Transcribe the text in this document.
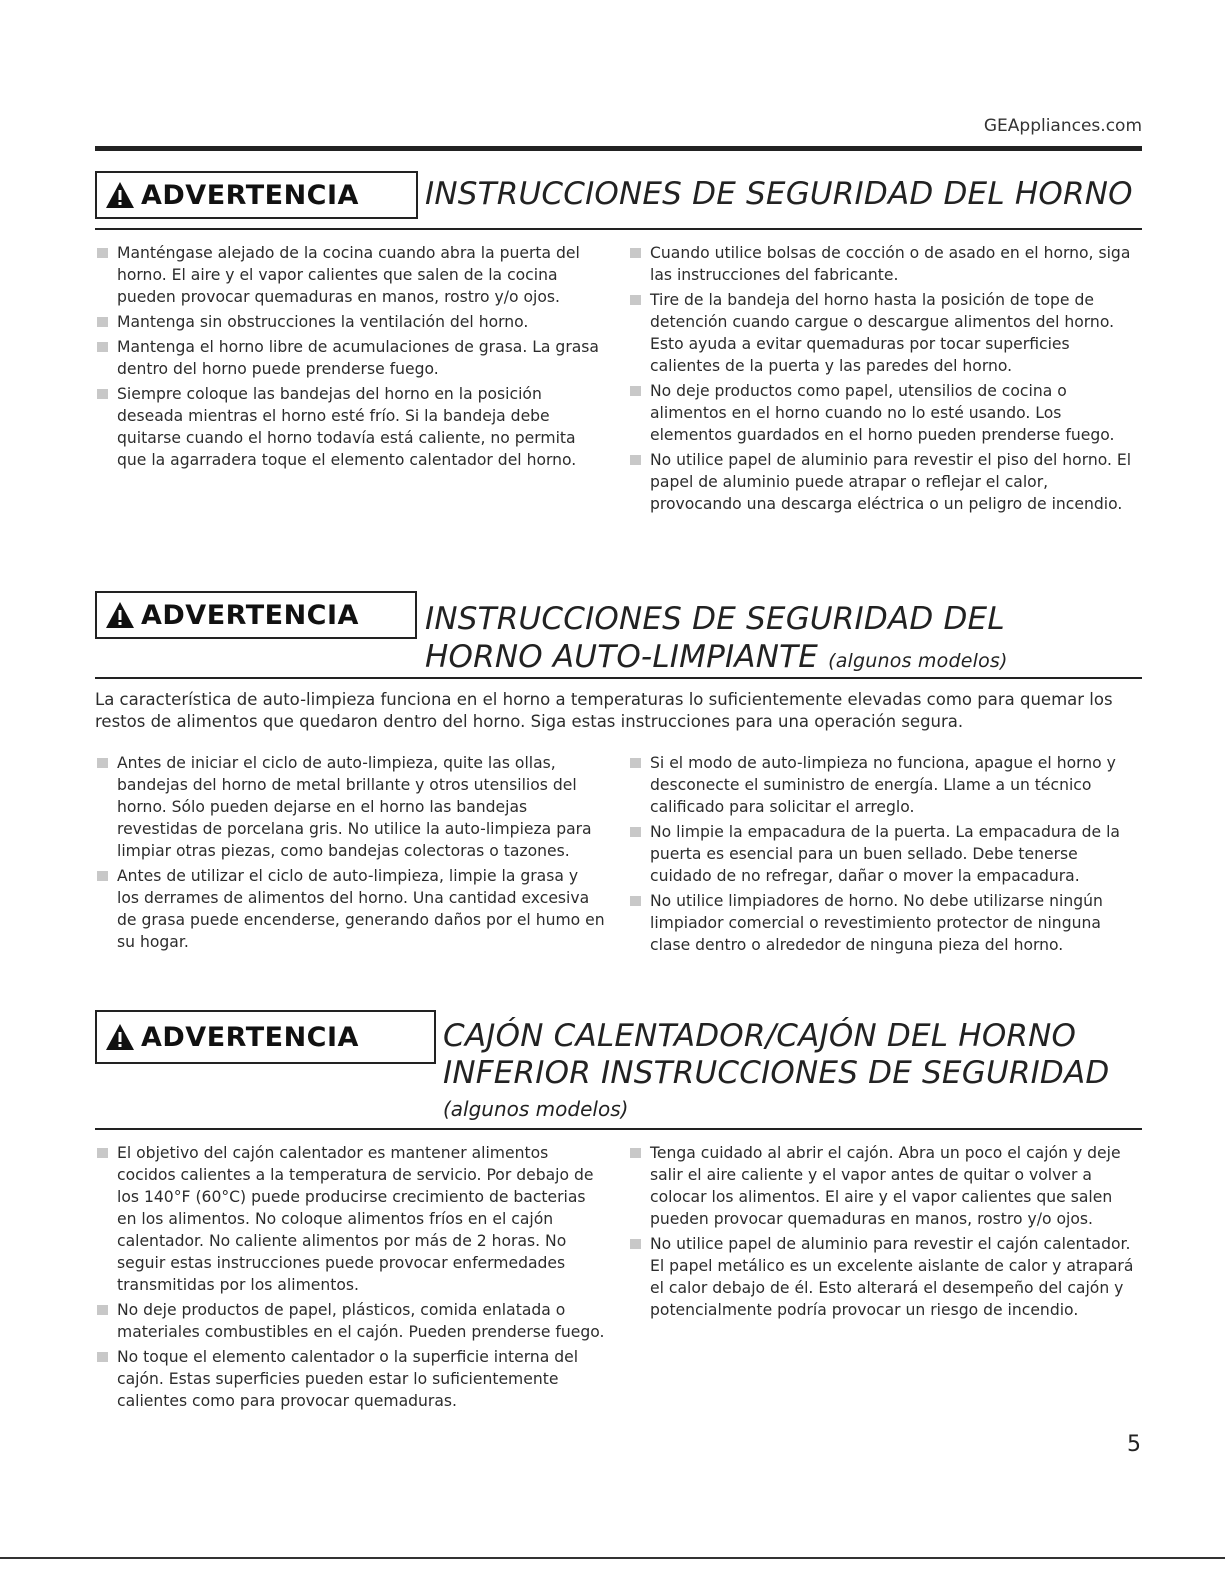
GEAppliances.com
ADVERTENCIA INSTRUCCIONES DE SEGURIDAD DEL HORNO
Manténgase alejado de la cocina cuando abra la puerta del horno. El aire y el vapor calientes que salen de la cocina pueden provocar quemaduras en manos, rostro y/o ojos.
Mantenga sin obstrucciones la ventilación del horno.
Mantenga el horno libre de acumulaciones de grasa. La grasa dentro del horno puede prenderse fuego.
Siempre coloque las bandejas del horno en la posición deseada mientras el horno esté frío. Si la bandeja debe quitarse cuando el horno todavía está caliente, no permita que la agarradera toque el elemento calentador del horno.
Cuando utilice bolsas de cocción o de asado en el horno, siga las instrucciones del fabricante.
Tire de la bandeja del horno hasta la posición de tope de detención cuando cargue o descargue alimentos del horno. Esto ayuda a evitar quemaduras por tocar superficies calientes de la puerta y las paredes del horno.
No deje productos como papel, utensilios de cocina o alimentos en el horno cuando no lo esté usando. Los elementos guardados en el horno pueden prenderse fuego.
No utilice papel de aluminio para revestir el piso del horno. El papel de aluminio puede atrapar o reflejar el calor, provocando una descarga eléctrica o un peligro de incendio.
ADVERTENCIA INSTRUCCIONES DE SEGURIDAD DEL
HORNO AUTO-LIMPIANTE (algunos modelos)
La característica de auto-limpieza funciona en el horno a temperaturas lo suficientemente elevadas como para quemar los restos de alimentos que quedaron dentro del horno. Siga estas instrucciones para una operación segura.
Antes de iniciar el ciclo de auto-limpieza, quite las ollas, bandejas del horno de metal brillante y otros utensilios del horno. Sólo pueden dejarse en el horno las bandejas revestidas de porcelana gris. No utilice la auto-limpieza para limpiar otras piezas, como bandejas colectoras o tazones.
Antes de utilizar el ciclo de auto-limpieza, limpie la grasa y los derrames de alimentos del horno. Una cantidad excesiva de grasa puede encenderse, generando daños por el humo en su hogar.
Si el modo de auto-limpieza no funciona, apague el horno y desconecte el suministro de energía. Llame a un técnico calificado para solicitar el arreglo.
No limpie la empacadura de la puerta. La empacadura de la puerta es esencial para un buen sellado. Debe tenerse cuidado de no refregar, dañar o mover la empacadura.
No utilice limpiadores de horno. No debe utilizarse ningún limpiador comercial o revestimiento protector de ninguna clase dentro o alrededor de ninguna pieza del horno.
ADVERTENCIA	CAJÓN CALENTADOR/CAJÓN DEL HORNO
INFERIOR INSTRUCCIONES DE SEGURIDAD
(algunos modelos)
El objetivo del cajón calentador es mantener alimentos cocidos calientes a la temperatura de servicio. Por debajo de los 140°F (60°C) puede producirse crecimiento de bacterias en los alimentos. No coloque alimentos fríos en el cajón calentador. No caliente alimentos por más de 2 horas. No seguir estas instrucciones puede provocar enfermedades transmitidas por los alimentos.
No deje productos de papel, plásticos, comida enlatada o materiales combustibles en el cajón. Pueden prenderse fuego.
No toque el elemento calentador o la superficie interna del cajón. Estas superficies pueden estar lo suficientemente calientes como para provocar quemaduras.
Tenga cuidado al abrir el cajón. Abra un poco el cajón y deje salir el aire caliente y el vapor antes de quitar o volver a colocar los alimentos. El aire y el vapor calientes que salen pueden provocar quemaduras en manos, rostro y/o ojos.
No utilice papel de aluminio para revestir el cajón calentador. El papel metálico es un excelente aislante de calor y atrapará el calor debajo de él. Esto alterará el desempeño del cajón y potencialmente podría provocar un riesgo de incendio.
5
